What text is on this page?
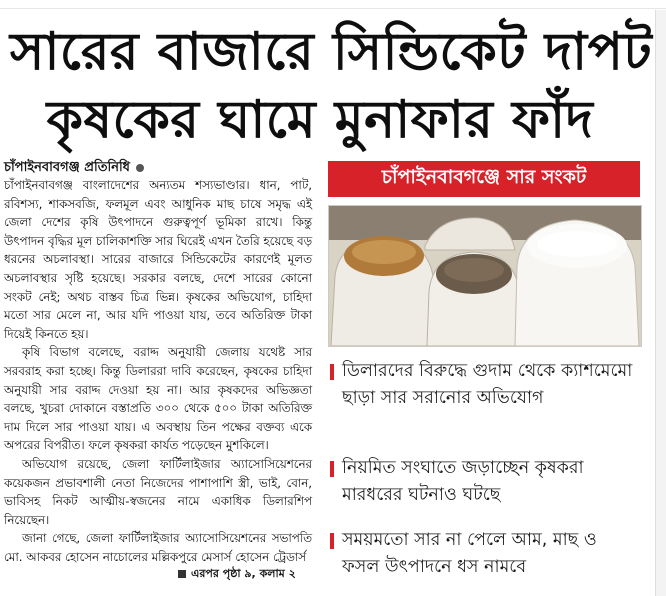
সারের বাজারে সিন্ডিকেট দাপট
কৃষকের ঘামে মুনাফার ফাঁদ
চাঁপাইনবাবগঞ্জ প্রতিনিধি

চাঁপাইনবাবগঞ্জ বাংলাদেশের অন্যতম শস্যভাণ্ডার। ধান, পাট, রবিশস্য, শাকসবজি, ফলমূল এবং আধুনিক মাছ চাষে সমৃদ্ধ এই জেলা দেশের কৃষি উৎপাদনে গুরুত্বপূর্ণ ভূমিকা রাখে। কিন্তু উৎপাদন বৃদ্ধির মূল চালিকাশক্তি সার ঘিরেই এখন তৈরি হয়েছে বড় ধরনের অচলাবস্থা। সারের বাজারে সিন্ডিকেটের কারণেই মূলত অচলাবস্থার সৃষ্টি হয়েছে। সরকার বলছে, দেশে সারের কোনো সংকট নেই; অথচ বাস্তব চিত্র ভিন্ন। কৃষকের অভিযোগ, চাহিদা মতো সার মেলে না, আর যদি পাওয়া যায়, তবে অতিরিক্ত টাকা দিয়েই কিনতে হয়।

কৃষি বিভাগ বলেছে, বরাদ্দ অনুযায়ী জেলায় যথেষ্ট সার সরবরাহ করা হচ্ছে। কিন্তু ডিলাররা দাবি করেছেন, কৃষকের চাহিদা অনুযায়ী সার বরাদ্দ দেওয়া হয় না। আর কৃষকদের অভিজ্ঞতা বলছে, খুচরা দোকানে বস্তাপ্রতি ৩০০ থেকে ৫০০ টাকা অতিরিক্ত দাম দিলে সার পাওয়া যায়। এ অবস্থায় তিন পক্ষের বক্তব্য একে অপরের বিপরীত। ফলে কৃষকরা কার্যত পড়েছেন মুশকিলে।

অভিযোগ রয়েছে, জেলা ফার্টিলাইজার অ্যাসোসিয়েশনের কয়েকজন প্রভাবশালী নেতা নিজেদের পাশাপাশি স্ত্রী, ভাই, বোন, ভাবিসহ নিকট আত্মীয়-স্বজনের নামে একাধিক ডিলারশিপ নিয়েছেন।

জানা গেছে, জেলা ফার্টিলাইজার অ্যাসোসিয়েশনের সভাপতি মো. আকবর হোসেন নাচোলের মল্লিকপুরে মেসার্স হোসেন ট্রেডার্স

এরপর পৃষ্ঠা ৯, কলাম ২
চাঁপাইনবাবগঞ্জে সার সংকট
ডিলারদের বিরুদ্ধে গুদাম থেকে ক্যাশমেমো ছাড়া সার সরানোর অভিযোগ
নিয়মিত সংঘাতে জড়াচ্ছেন কৃষকরা মারধরের ঘটনাও ঘটছে
সময়মতো সার না পেলে আম, মাছ ও ফসল উৎপাদনে ধস নামবে
